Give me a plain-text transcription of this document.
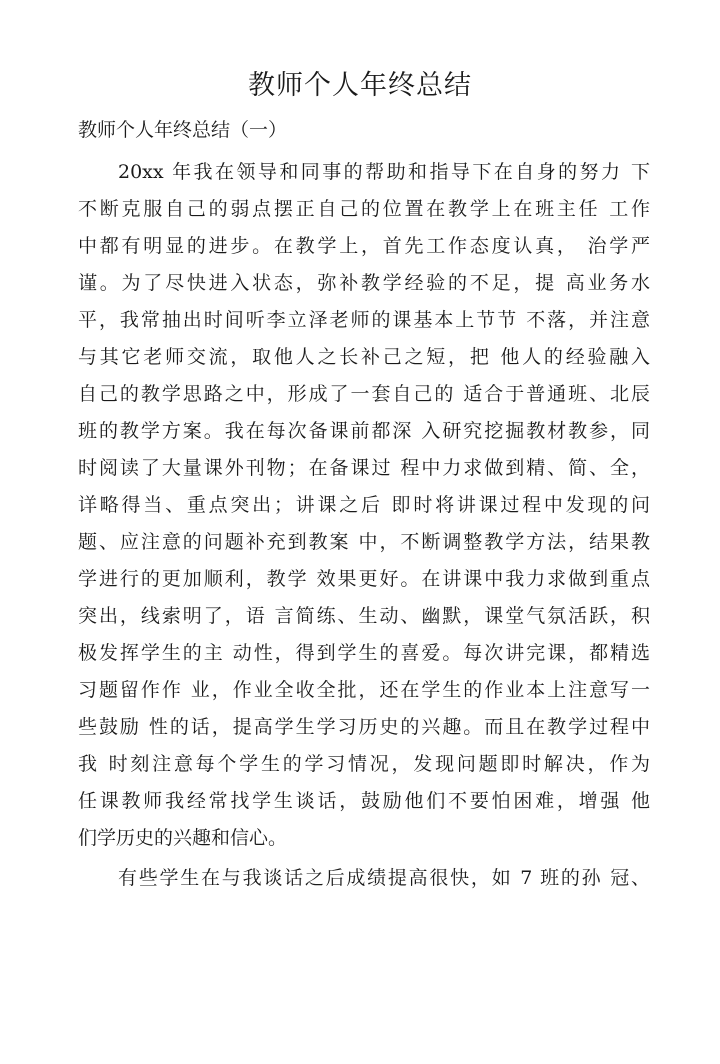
教师个人年终总结
教师个人年终总结（一）
20xx 年我在领导和同事的帮助和指导下在自身的努力 下
不断克服自己的弱点摆正自己的位置在教学上在班主任 工作
中都有明显的进步。在教学上，首先工作态度认真， 治学严
谨。为了尽快进入状态，弥补教学经验的不足，提 高业务水
平，我常抽出时间听李立泽老师的课基本上节节 不落，并注意
与其它老师交流，取他人之长补己之短，把 他人的经验融入
自己的教学思路之中，形成了一套自己的 适合于普通班、北辰
班的教学方案。我在每次备课前都深 入研究挖掘教材教参，同
时阅读了大量课外刊物；在备课过 程中力求做到精、简、全，
详略得当、重点突出；讲课之后 即时将讲课过程中发现的问
题、应注意的问题补充到教案 中，不断调整教学方法，结果教
学进行的更加顺利，教学 效果更好。在讲课中我力求做到重点
突出，线索明了，语 言简练、生动、幽默，课堂气氛活跃，积
极发挥学生的主 动性，得到学生的喜爱。每次讲完课，都精选
习题留作作 业，作业全收全批，还在学生的作业本上注意写一
些鼓励 性的话，提高学生学习历史的兴趣。而且在教学过程中
我 时刻注意每个学生的学习情况，发现问题即时解决，作为
任课教师我经常找学生谈话，鼓励他们不要怕困难，增强 他
们学历史的兴趣和信心。
有些学生在与我谈话之后成绩提高很快，如 7 班的孙 冠、
